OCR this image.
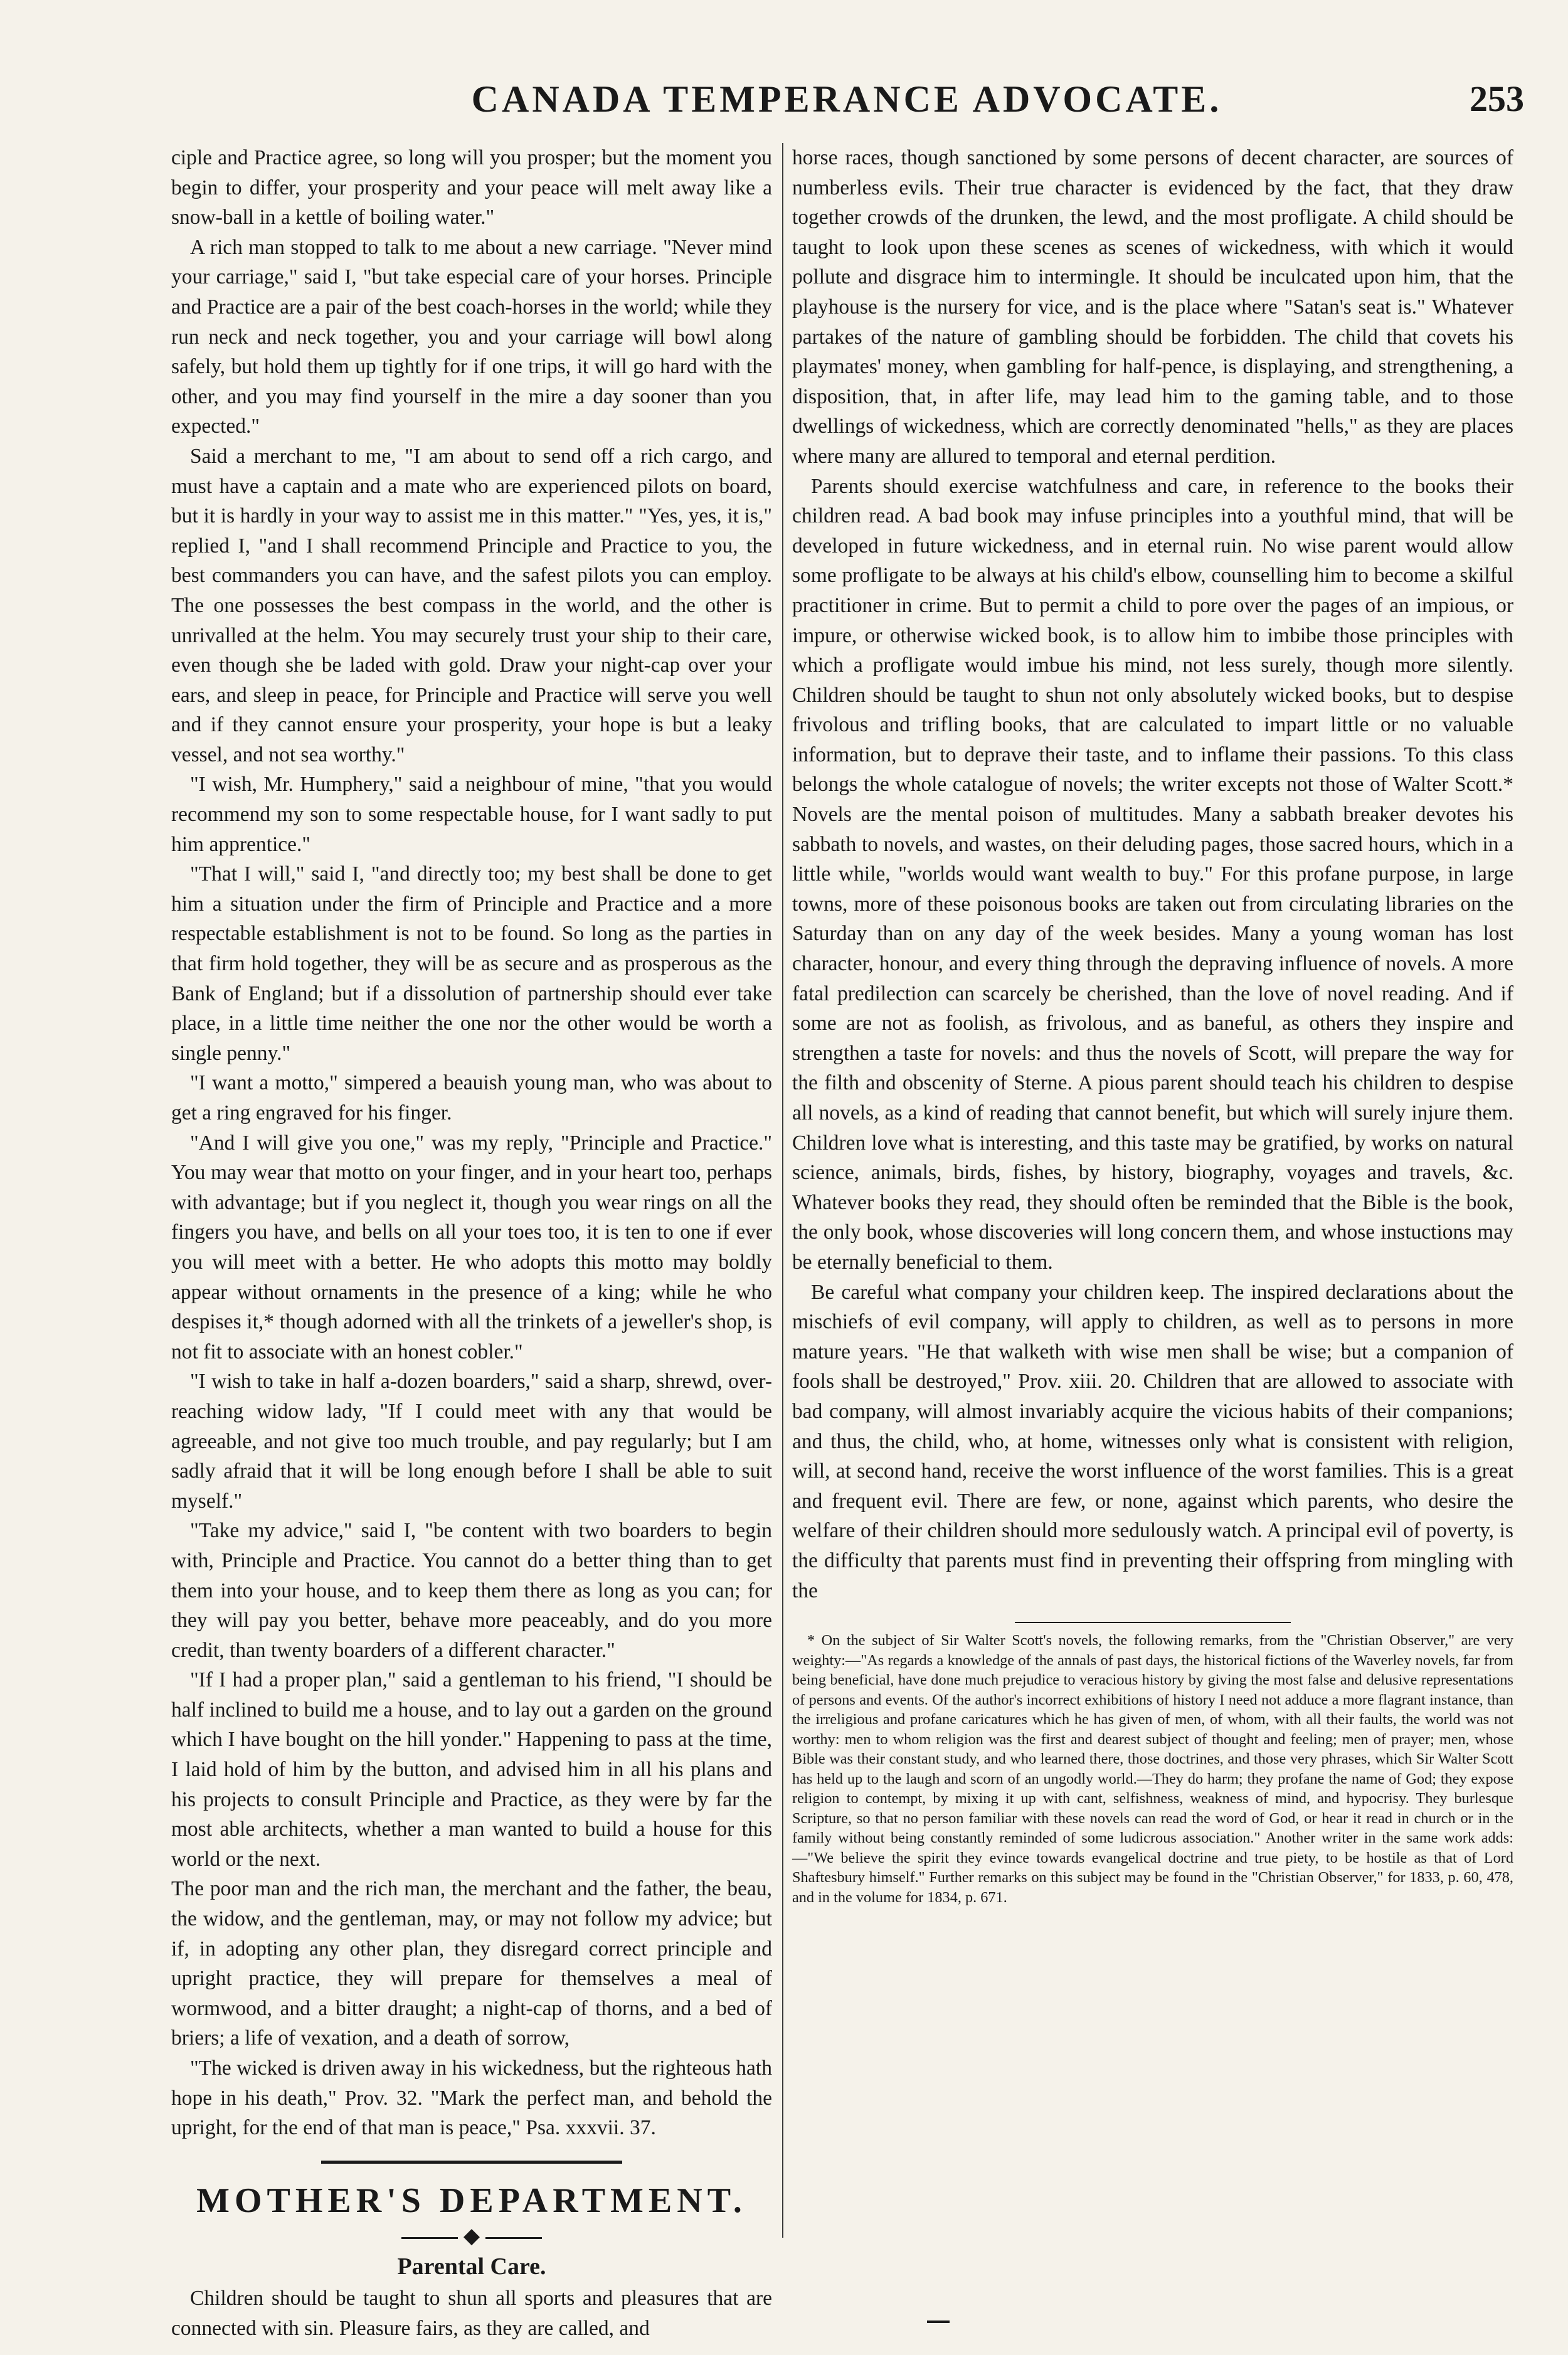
CANADA TEMPERANCE ADVOCATE.	253

ciple and Practice agree, so long will you prosper; but the moment you begin to differ, your prosperity and your peace will melt away like a snow-ball in a kettle of boiling water."

A rich man stopped to talk to me about a new carriage. "Never mind your carriage," said I, "but take especial care of your horses. Principle and Practice are a pair of the best coach-horses in the world; while they run neck and neck together, you and your carriage will bowl along safely, but hold them up tightly for if one trips, it will go hard with the other, and you may find yourself in the mire a day sooner than you expected."

Said a merchant to me, "I am about to send off a rich cargo, and must have a captain and a mate who are experienced pilots on board, but it is hardly in your way to assist me in this matter." "Yes, yes, it is," replied I, "and I shall recommend Principle and Practice to you, the best commanders you can have, and the safest pilots you can employ. The one possesses the best compass in the world, and the other is unrivalled at the helm. You may securely trust your ship to their care, even though she be laded with gold. Draw your night-cap over your ears, and sleep in peace, for Principle and Practice will serve you well and if they cannot ensure your prosperity, your hope is but a leaky vessel, and not sea worthy."

"I wish, Mr. Humphery," said a neighbour of mine, "that you would recommend my son to some respectable house, for I want sadly to put him apprentice."

"That I will," said I, "and directly too; my best shall be done to get him a situation under the firm of Principle and Practice and a more respectable establishment is not to be found. So long as the parties in that firm hold together, they will be as secure and as prosperous as the Bank of England; but if a dissolution of partnership should ever take place, in a little time neither the one nor the other would be worth a single penny."

"I want a motto," simpered a beauish young man, who was about to get a ring engraved for his finger.

"And I will give you one," was my reply, "Principle and Practice." You may wear that motto on your finger, and in your heart too, perhaps with advantage; but if you neglect it, though you wear rings on all the fingers you have, and bells on all your toes too, it is ten to one if ever you will meet with a better. He who adopts this motto may boldly appear without ornaments in the presence of a king; while he who despises it,* though adorned with all the trinkets of a jeweller's shop, is not fit to associate with an honest cobler."

"I wish to take in half a-dozen boarders," said a sharp, shrewd, over-reaching widow lady, "If I could meet with any that would be agreeable, and not give too much trouble, and pay regularly; but I am sadly afraid that it will be long enough before I shall be able to suit myself."

"Take my advice," said I, "be content with two boarders to begin with, Principle and Practice. You cannot do a better thing than to get them into your house, and to keep them there as long as you can; for they will pay you better, behave more peaceably, and do you more credit, than twenty boarders of a different character."

"If I had a proper plan," said a gentleman to his friend, "I should be half inclined to build me a house, and to lay out a garden on the ground which I have bought on the hill yonder." Happening to pass at the time, I laid hold of him by the button, and advised him in all his plans and his projects to consult Principle and Practice, as they were by far the most able architects, whether a man wanted to build a house for this world or the next.

The poor man and the rich man, the merchant and the father, the beau, the widow, and the gentleman, may, or may not follow my advice; but if, in adopting any other plan, they disregard correct principle and upright practice, they will prepare for themselves a meal of wormwood, and a bitter draught; a night-cap of thorns, and a bed of briers; a life of vexation, and a death of sorrow,

"The wicked is driven away in his wickedness, but the righteous hath hope in his death," Prov. 32. "Mark the perfect man, and behold the upright, for the end of that man is peace," Psa. xxxvii. 37.

MOTHER'S DEPARTMENT.
◆
Parental Care.

Children should be taught to shun all sports and pleasures that are connected with sin. Pleasure fairs, as they are called, and

horse races, though sanctioned by some persons of decent character, are sources of numberless evils. Their true character is evidenced by the fact, that they draw together crowds of the drunken, the lewd, and the most profligate. A child should be taught to look upon these scenes as scenes of wickedness, with which it would pollute and disgrace him to intermingle. It should be inculcated upon him, that the playhouse is the nursery for vice, and is the place where "Satan's seat is." Whatever partakes of the nature of gambling should be forbidden. The child that covets his playmates' money, when gambling for half-pence, is displaying, and strengthening, a disposition, that, in after life, may lead him to the gaming table, and to those dwellings of wickedness, which are correctly denominated "hells," as they are places where many are allured to temporal and eternal perdition.

Parents should exercise watchfulness and care, in reference to the books their children read. A bad book may infuse principles into a youthful mind, that will be developed in future wickedness, and in eternal ruin. No wise parent would allow some profligate to be always at his child's elbow, counselling him to become a skilful practitioner in crime. But to permit a child to pore over the pages of an impious, or impure, or otherwise wicked book, is to allow him to imbibe those principles with which a profligate would imbue his mind, not less surely, though more silently. Children should be taught to shun not only absolutely wicked books, but to despise frivolous and trifling books, that are calculated to impart little or no valuable information, but to deprave their taste, and to inflame their passions. To this class belongs the whole catalogue of novels; the writer excepts not those of Walter Scott.* Novels are the mental poison of multitudes. Many a sabbath breaker devotes his sabbath to novels, and wastes, on their deluding pages, those sacred hours, which in a little while, "worlds would want wealth to buy." For this profane purpose, in large towns, more of these poisonous books are taken out from circulating libraries on the Saturday than on any day of the week besides. Many a young woman has lost character, honour, and every thing through the depraving influence of novels. A more fatal predilection can scarcely be cherished, than the love of novel reading. And if some are not as foolish, as frivolous, and as baneful, as others they inspire and strengthen a taste for novels: and thus the novels of Scott, will prepare the way for the filth and obscenity of Sterne. A pious parent should teach his children to despise all novels, as a kind of reading that cannot benefit, but which will surely injure them. Children love what is interesting, and this taste may be gratified, by works on natural science, animals, birds, fishes, by history, biography, voyages and travels, &c. Whatever books they read, they should often be reminded that the Bible is the book, the only book, whose discoveries will long concern them, and whose instuctions may be eternally beneficial to them.

Be careful what company your children keep. The inspired declarations about the mischiefs of evil company, will apply to children, as well as to persons in more mature years. "He that walketh with wise men shall be wise; but a companion of fools shall be destroyed," Prov. xiii. 20. Children that are allowed to associate with bad company, will almost invariably acquire the vicious habits of their companions; and thus, the child, who, at home, witnesses only what is consistent with religion, will, at second hand, receive the worst influence of the worst families. This is a great and frequent evil. There are few, or none, against which parents, who desire the welfare of their children should more sedulously watch. A principal evil of poverty, is the difficulty that parents must find in preventing their offspring from mingling with the

* On the subject of Sir Walter Scott's novels, the following remarks, from the "Christian Observer," are very weighty:—"As regards a knowledge of the annals of past days, the historical fictions of the Waverley novels, far from being beneficial, have done much prejudice to veracious history by giving the most false and delusive representations of persons and events. Of the author's incorrect exhibitions of history I need not adduce a more flagrant instance, than the irreligious and profane caricatures which he has given of men, of whom, with all their faults, the world was not worthy: men to whom religion was the first and dearest subject of thought and feeling; men of prayer; men, whose Bible was their constant study, and who learned there, those doctrines, and those very phrases, which Sir Walter Scott has held up to the laugh and scorn of an ungodly world.—They do harm; they profane the name of God; they expose religion to contempt, by mixing it up with cant, selfishness, weakness of mind, and hypocrisy. They burlesque Scripture, so that no person familiar with these novels can read the word of God, or hear it read in church or in the family without being constantly reminded of some ludicrous association." Another writer in the same work adds:—"We believe the spirit they evince towards evangelical doctrine and true piety, to be hostile as that of Lord Shaftesbury himself." Further remarks on this subject may be found in the "Christian Observer," for 1833, p. 60, 478, and in the volume for 1834, p. 671.
